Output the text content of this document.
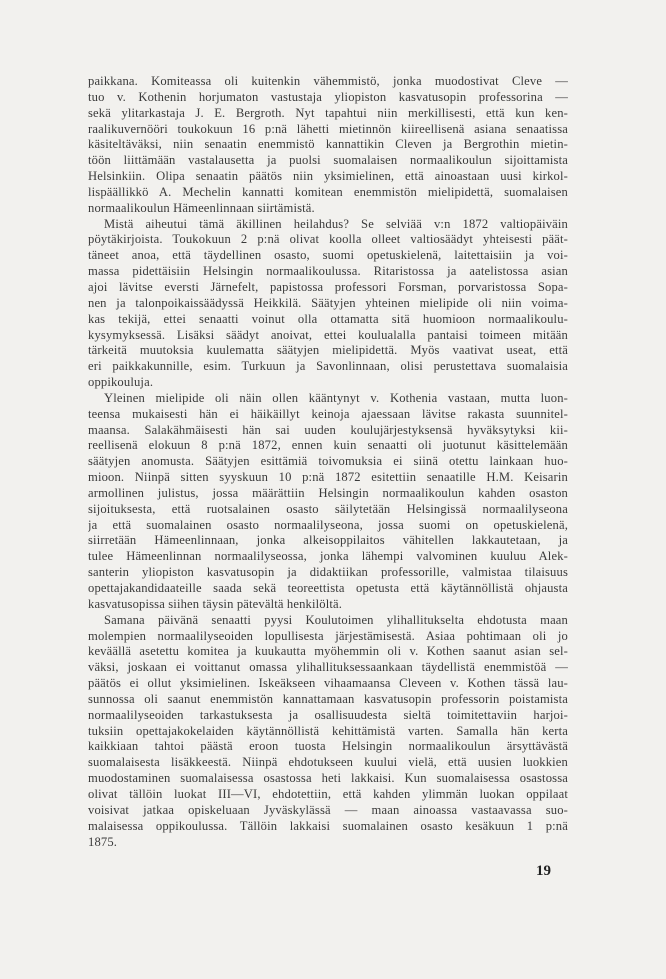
paikkana. Komiteassa oli kuitenkin vähemmistö, jonka muodostivat Cleve —
tuo v. Kothenin horjumaton vastustaja yliopiston kasvatusopin professorina —
sekä ylitarkastaja J. E. Bergroth. Nyt tapahtui niin merkillisesti, että kun ken-
raalikuvernööri toukokuun 16 p:nä lähetti mietinnön kiireellisenä asiana senaatissa
käsiteltäväksi, niin senaatin enemmistö kannattikin Cleven ja Bergrothin mietin-
töön liittämään vastalausetta ja puolsi suomalaisen normaalikoulun sijoittamista
Helsinkiin. Olipa senaatin päätös niin yksimielinen, että ainoastaan uusi kirkol-
lispäällikkö A. Mechelin kannatti komitean enemmistön mielipidettä, suomalaisen
normaalikoulun Hämeenlinnaan siirtämistä.
Mistä aiheutui tämä äkillinen heilahdus? Se selviää v:n 1872 valtiopäiväin
pöytäkirjoista. Toukokuun 2 p:nä olivat koolla olleet valtiosäädyt yhteisesti päät-
täneet anoa, että täydellinen osasto, suomi opetuskielenä, laitettaisiin ja voi-
massa pidettäisiin Helsingin normaalikoulussa. Ritaristossa ja aatelistossa asian
ajoi lävitse eversti Järnefelt, papistossa professori Forsman, porvaristossa Sopa-
nen ja talonpoikaissäädyssä Heikkilä. Säätyjen yhteinen mielipide oli niin voima-
kas tekijä, ettei senaatti voinut olla ottamatta sitä huomioon normaalikoulu-
kysymyksessä. Lisäksi säädyt anoivat, ettei koulualalla pantaisi toimeen mitään
tärkeitä muutoksia kuulematta säätyjen mielipidettä. Myös vaativat useat, että
eri paikkakunnille, esim. Turkuun ja Savonlinnaan, olisi perustettava suomalaisia
oppikouluja.
Yleinen mielipide oli näin ollen kääntynyt v. Kothenia vastaan, mutta luon-
teensa mukaisesti hän ei häikäillyt keinoja ajaessaan lävitse rakasta suunnitel-
maansa. Salakähmäisesti hän sai uuden koulujärjestyksensä hyväksytyksi kii-
reellisenä elokuun 8 p:nä 1872, ennen kuin senaatti oli juotunut käsittelemään
säätyjen anomusta. Säätyjen esittämiä toivomuksia ei siinä otettu lainkaan huo-
mioon. Niinpä sitten syyskuun 10 p:nä 1872 esitettiin senaatille H.M. Keisarin
armollinen julistus, jossa määrättiin Helsingin normaalikoulun kahden osaston
sijoituksesta, että ruotsalainen osasto säilytetään Helsingissä normaalilyseona
ja että suomalainen osasto normaalilyseona, jossa suomi on opetuskielenä,
siirretään Hämeenlinnaan, jonka alkeisoppilaitos vähitellen lakkautetaan, ja
tulee Hämeenlinnan normaalilyseossa, jonka lähempi valvominen kuuluu Alek-
santerin yliopiston kasvatusopin ja didaktiikan professorille, valmistaa tilaisuus
opettajakandidaateille saada sekä teoreettista opetusta että käytännöllistä ohjausta
kasvatusopissa siihen täysin pätevältä henkilöltä.
Samana päivänä senaatti pyysi Koulutoimen ylihallitukselta ehdotusta maan
molempien normaalilyseoiden lopullisesta järjestämisestä. Asiaa pohtimaan oli jo
keväällä asetettu komitea ja kuukautta myöhemmin oli v. Kothen saanut asian sel-
väksi, joskaan ei voittanut omassa ylihallituksessaankaan täydellistä enemmistöä —
päätös ei ollut yksimielinen. Iskeäkseen vihaamaansa Cleveen v. Kothen tässä lau-
sunnossa oli saanut enemmistön kannattamaan kasvatusopin professorin poistamista
normaalilyseoiden tarkastuksesta ja osallisuudesta sieltä toimitettaviin harjoi-
tuksiin opettajakokelaiden käytännöllistä kehittämistä varten. Samalla hän kerta
kaikkiaan tahtoi päästä eroon tuosta Helsingin normaalikoulun ärsyttävästä
suomalaisesta lisäkkeestä. Niinpä ehdotukseen kuului vielä, että uusien luokkien
muodostaminen suomalaisessa osastossa heti lakkaisi. Kun suomalaisessa osastossa
olivat tällöin luokat III—VI, ehdotettiin, että kahden ylimmän luokan oppilaat
voisivat jatkaa opiskeluaan Jyväskylässä — maan ainoassa vastaavassa suo-
malaisessa oppikoulussa. Tällöin lakkaisi suomalainen osasto kesäkuun 1 p:nä
1875.
19
